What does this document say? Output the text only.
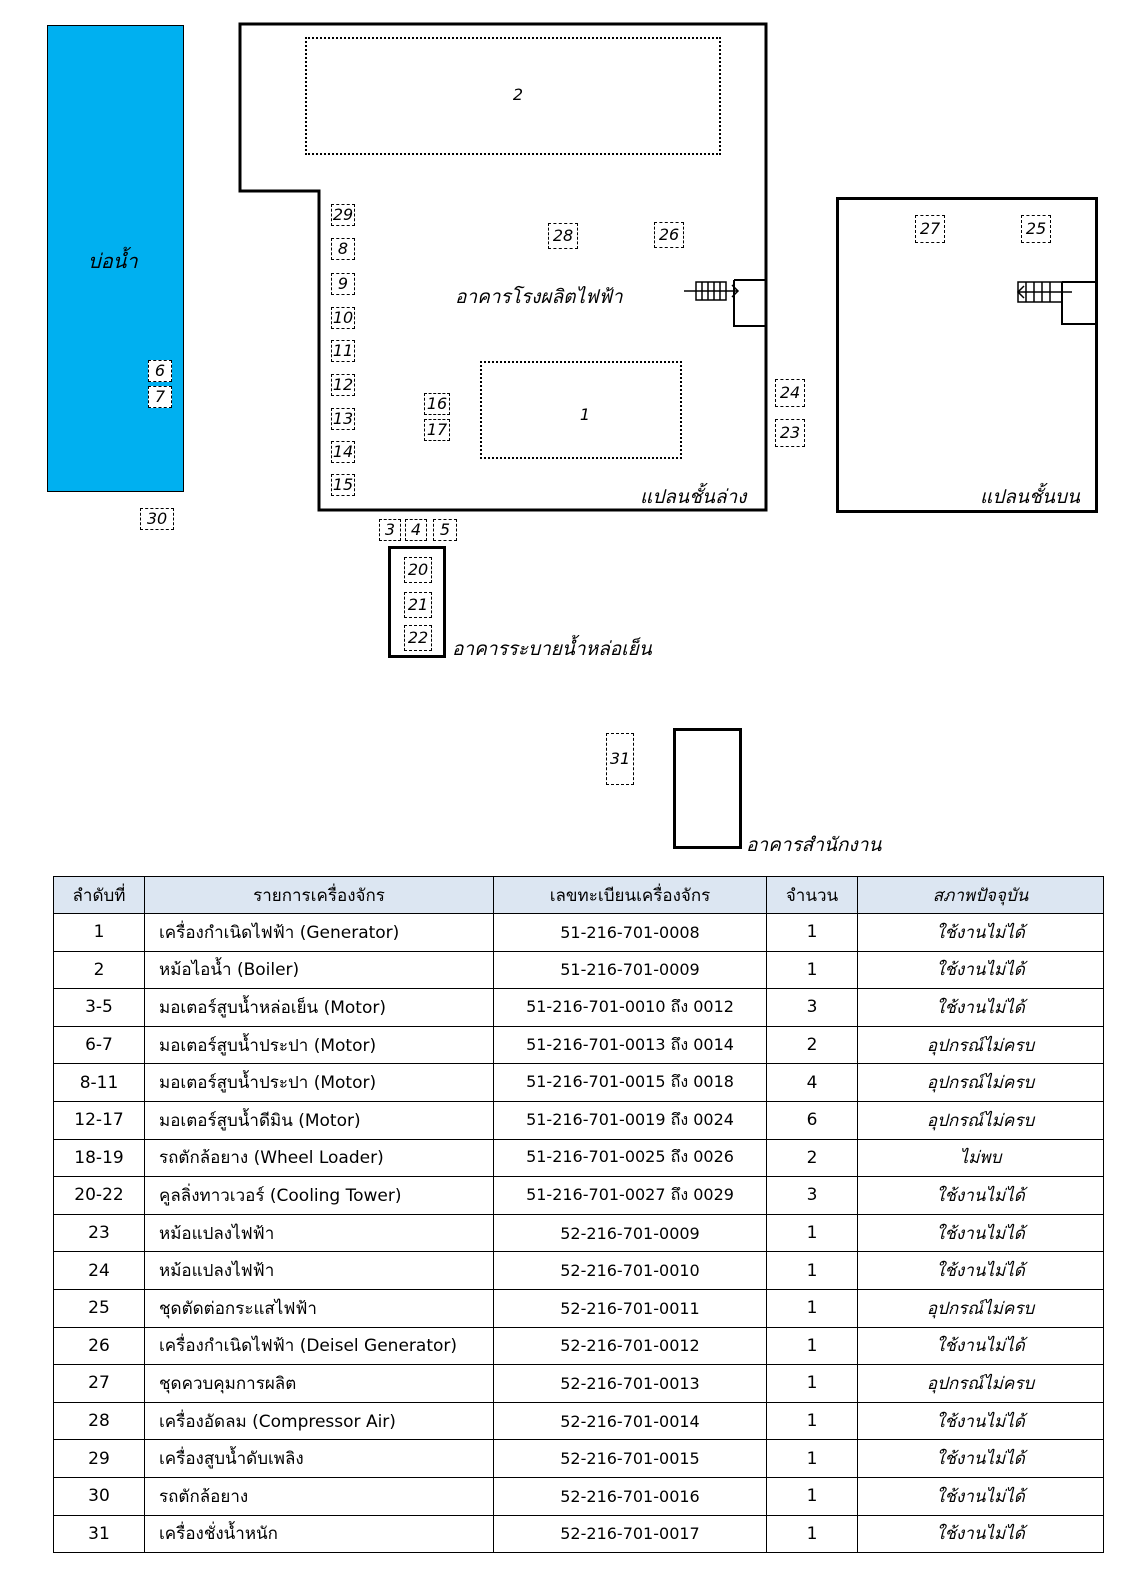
บ่อน้ำ
6
7
30
2
1
อาคารโรงผลิตไฟฟ้า
แปลนชั้นล่าง
29
8
9
10
11
12
13
14
15
16
17
28	26
24
23
3 4	5
20
21
22
อาคารระบายน้ำหล่อเย็น
27	25
แปลนชั้นบน
31
อาคารสำนักงาน
ลำดับที่	รายการเครื่องจักร	เลขทะเบียนเครื่องจักร	จำนวน	สภาพปัจจุบัน
1	เครื่องกำเนิดไฟฟ้า (Generator)	51-216-701-0008	1	ใช้งานไม่ได้
2	หม้อไอน้ำ (Boiler)	51-216-701-0009	1	ใช้งานไม่ได้
3-5	มอเตอร์สูบน้ำหล่อเย็น (Motor)	51-216-701-0010 ถึง 0012	3	ใช้งานไม่ได้
6-7	มอเตอร์สูบน้ำประปา (Motor)	51-216-701-0013 ถึง 0014	2	อุปกรณ์ไม่ครบ
8-11	มอเตอร์สูบน้ำประปา (Motor)	51-216-701-0015 ถึง 0018	4	อุปกรณ์ไม่ครบ
12-17	มอเตอร์สูบน้ำดีมิน (Motor)	51-216-701-0019 ถึง 0024	6	อุปกรณ์ไม่ครบ
18-19	รถตักล้อยาง (Wheel Loader)	51-216-701-0025 ถึง 0026	2	ไม่พบ
20-22	คูลลิ่งทาวเวอร์ (Cooling Tower)	51-216-701-0027 ถึง 0029	3	ใช้งานไม่ได้
23	หม้อแปลงไฟฟ้า	52-216-701-0009	1	ใช้งานไม่ได้
24	หม้อแปลงไฟฟ้า	52-216-701-0010	1	ใช้งานไม่ได้
25	ชุดตัดต่อกระแสไฟฟ้า	52-216-701-0011	1	อุปกรณ์ไม่ครบ
26	เครื่องกำเนิดไฟฟ้า (Deisel Generator)	52-216-701-0012	1	ใช้งานไม่ได้
27	ชุดควบคุมการผลิต	52-216-701-0013	1	อุปกรณ์ไม่ครบ
28	เครื่องอัดลม (Compressor Air)	52-216-701-0014	1	ใช้งานไม่ได้
29	เครื่องสูบน้ำดับเพลิง	52-216-701-0015	1	ใช้งานไม่ได้
30	รถตักล้อยาง	52-216-701-0016	1	ใช้งานไม่ได้
31	เครื่องชั่งน้ำหนัก	52-216-701-0017	1	ใช้งานไม่ได้
